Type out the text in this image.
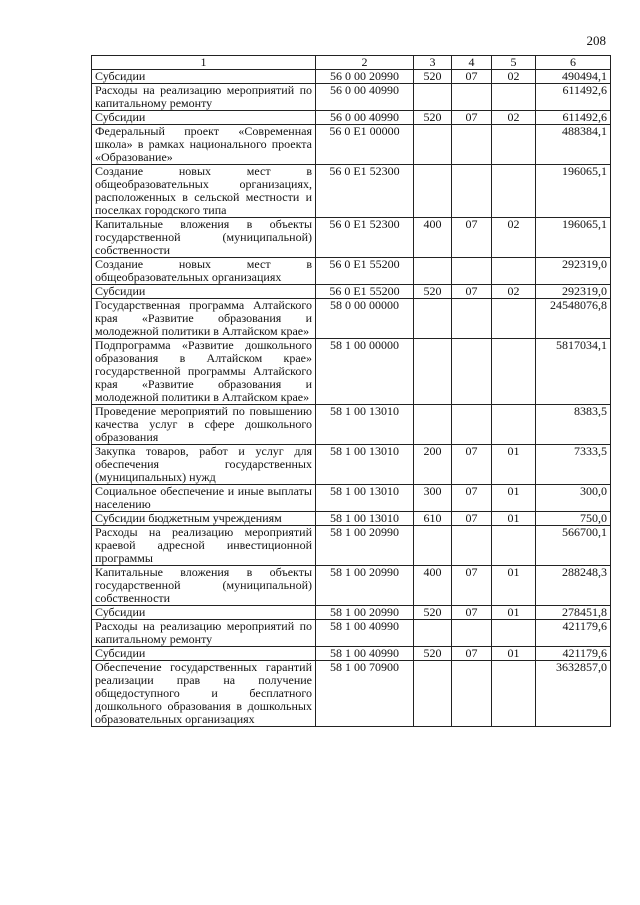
208
1	2	3	4	5	6
Субсидии	56 0 00 20990	520	07	02	490494,1
Расходы на реализацию мероприятий по капитальному ремонту	56 0 00 40990				611492,6
Субсидии	56 0 00 40990	520	07	02	611492,6
Федеральный проект «Современная школа» в рамках национального проекта «Образование»	56 0 E1 00000				488384,1
Создание новых мест в общеобразовательных организациях, расположенных в сельской местности и поселках городского типа	56 0 E1 52300				196065,1
Капитальные вложения в объекты государственной (муниципальной) собственности	56 0 E1 52300	400	07	02	196065,1
Создание новых мест в общеобразовательных организациях	56 0 E1 55200				292319,0
Субсидии	56 0 E1 55200	520	07	02	292319,0
Государственная программа Алтайского края «Развитие образования и молодежной политики в Алтайском крае»	58 0 00 00000				24548076,8
Подпрограмма «Развитие дошкольного образования в Алтайском крае» государственной программы Алтайского края «Развитие образования и молодежной политики в Алтайском крае»	58 1 00 00000				5817034,1
Проведение мероприятий по повышению качества услуг в сфере дошкольного образования	58 1 00 13010				8383,5
Закупка товаров, работ и услуг для обеспечения государственных (муниципальных) нужд	58 1 00 13010	200	07	01	7333,5
Социальное обеспечение и иные выплаты населению	58 1 00 13010	300	07	01	300,0
Субсидии бюджетным учреждениям	58 1 00 13010	610	07	01	750,0
Расходы на реализацию мероприятий краевой адресной инвестиционной программы	58 1 00 20990				566700,1
Капитальные вложения в объекты государственной (муниципальной) собственности	58 1 00 20990	400	07	01	288248,3
Субсидии	58 1 00 20990	520	07	01	278451,8
Расходы на реализацию мероприятий по капитальному ремонту	58 1 00 40990				421179,6
Субсидии	58 1 00 40990	520	07	01	421179,6
Обеспечение государственных гарантий реализации прав на получение общедоступного и бесплатного дошкольного образования в дошкольных образовательных организациях	58 1 00 70900				3632857,0
